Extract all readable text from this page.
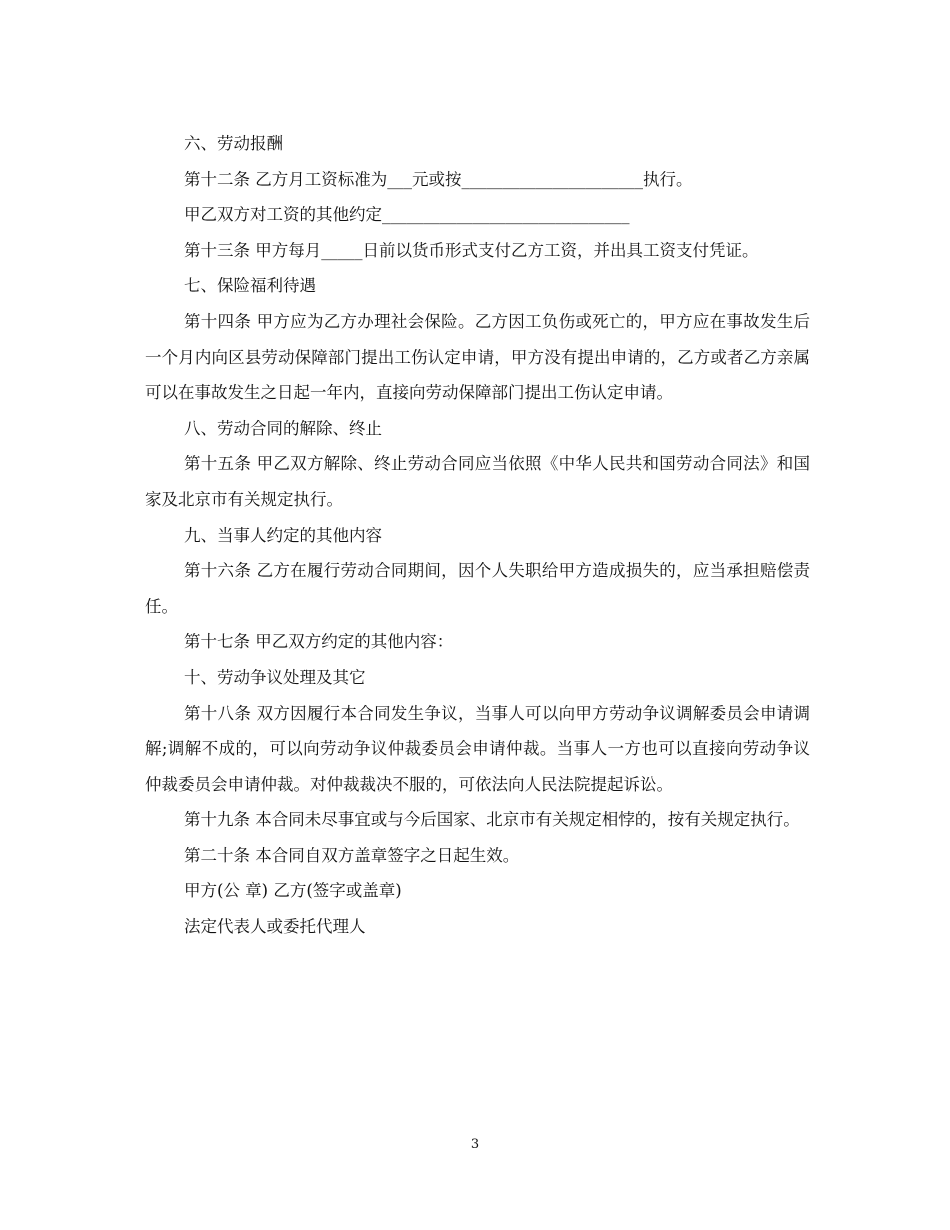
六、劳动报酬

第十二条 乙方月工资标准为___元或按______________________执行。

甲乙双方对工资的其他约定______________________________

第十三条 甲方每月_____日前以货币形式支付乙方工资，并出具工资支付凭证。

七、保险福利待遇

第十四条 甲方应为乙方办理社会保险。乙方因工负伤或死亡的，甲方应在事故发生后一个月内向区县劳动保障部门提出工伤认定申请，甲方没有提出申请的，乙方或者乙方亲属可以在事故发生之日起一年内，直接向劳动保障部门提出工伤认定申请。

八、劳动合同的解除、终止

第十五条 甲乙双方解除、终止劳动合同应当依照《中华人民共和国劳动合同法》和国家及北京市有关规定执行。

九、当事人约定的其他内容

第十六条 乙方在履行劳动合同期间，因个人失职给甲方造成损失的，应当承担赔偿责任。

第十七条 甲乙双方约定的其他内容：

十、劳动争议处理及其它

第十八条 双方因履行本合同发生争议，当事人可以向甲方劳动争议调解委员会申请调解;调解不成的，可以向劳动争议仲裁委员会申请仲裁。当事人一方也可以直接向劳动争议仲裁委员会申请仲裁。对仲裁裁决不服的，可依法向人民法院提起诉讼。

第十九条 本合同未尽事宜或与今后国家、北京市有关规定相悖的，按有关规定执行。

第二十条 本合同自双方盖章签字之日起生效。

甲方(公 章) 乙方(签字或盖章)

法定代表人或委托代理人

3
